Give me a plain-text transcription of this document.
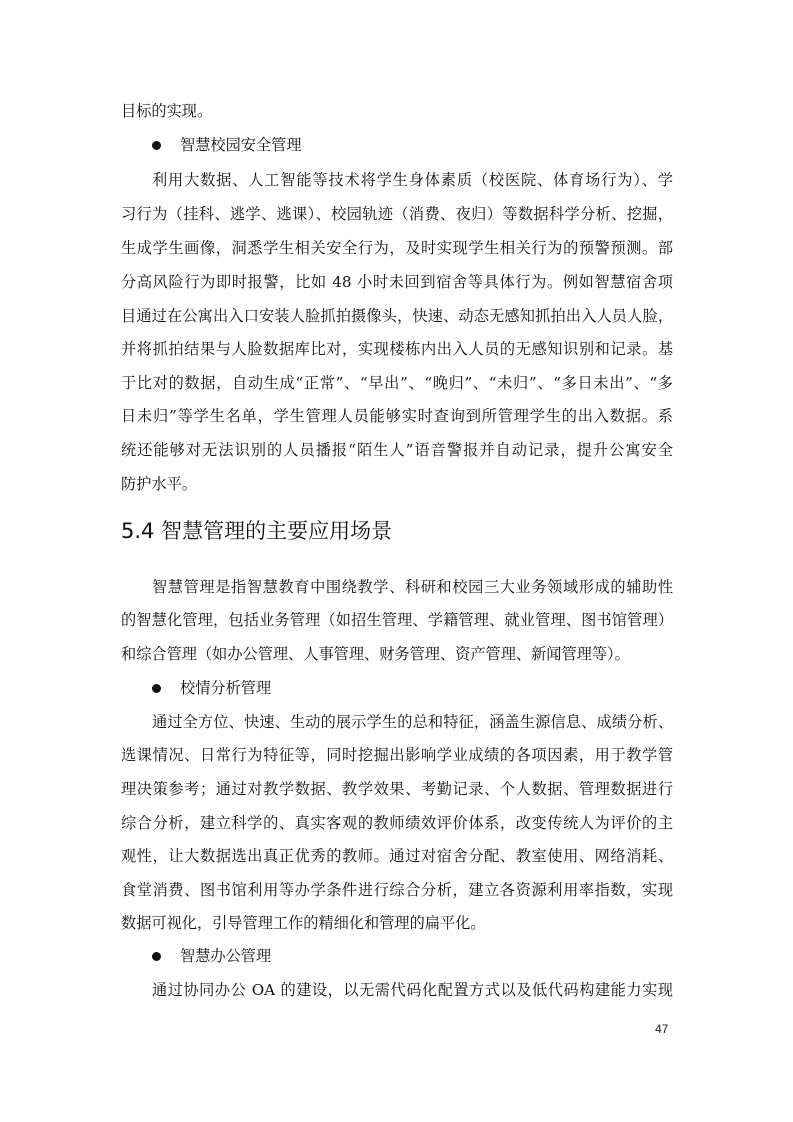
目标的实现。
智慧校园安全管理
利用大数据、人工智能等技术将学生身体素质（校医院、体育场行为）、学
习行为（挂科、逃学、逃课）、校园轨迹（消费、夜归）等数据科学分析、挖掘，
生成学生画像，洞悉学生相关安全行为，及时实现学生相关行为的预警预测。部
分高风险行为即时报警，比如 48 小时未回到宿舍等具体行为。例如智慧宿舍项
目通过在公寓出入口安装人脸抓拍摄像头，快速、动态无感知抓拍出入人员人脸，
并将抓拍结果与人脸数据库比对，实现楼栋内出入人员的无感知识别和记录。基
于比对的数据，自动生成“正常”、“早出”、“晚归”、“未归”、“多日未出”、“多
日未归”等学生名单，学生管理人员能够实时查询到所管理学生的出入数据。系
统还能够对无法识别的人员播报“陌生人”语音警报并自动记录，提升公寓安全
防护水平。
5.4 智慧管理的主要应用场景
智慧管理是指智慧教育中围绕教学、科研和校园三大业务领域形成的辅助性
的智慧化管理，包括业务管理（如招生管理、学籍管理、就业管理、图书馆管理）
和综合管理（如办公管理、人事管理、财务管理、资产管理、新闻管理等）。
校情分析管理
通过全方位、快速、生动的展示学生的总和特征，涵盖生源信息、成绩分析、
选课情况、日常行为特征等，同时挖掘出影响学业成绩的各项因素，用于教学管
理决策参考；通过对教学数据、教学效果、考勤记录、个人数据、管理数据进行
综合分析，建立科学的、真实客观的教师绩效评价体系，改变传统人为评价的主
观性，让大数据选出真正优秀的教师。通过对宿舍分配、教室使用、网络消耗、
食堂消费、图书馆利用等办学条件进行综合分析，建立各资源利用率指数，实现
数据可视化，引导管理工作的精细化和管理的扁平化。
智慧办公管理
通过协同办公 OA 的建设，以无需代码化配置方式以及低代码构建能力实现
47
